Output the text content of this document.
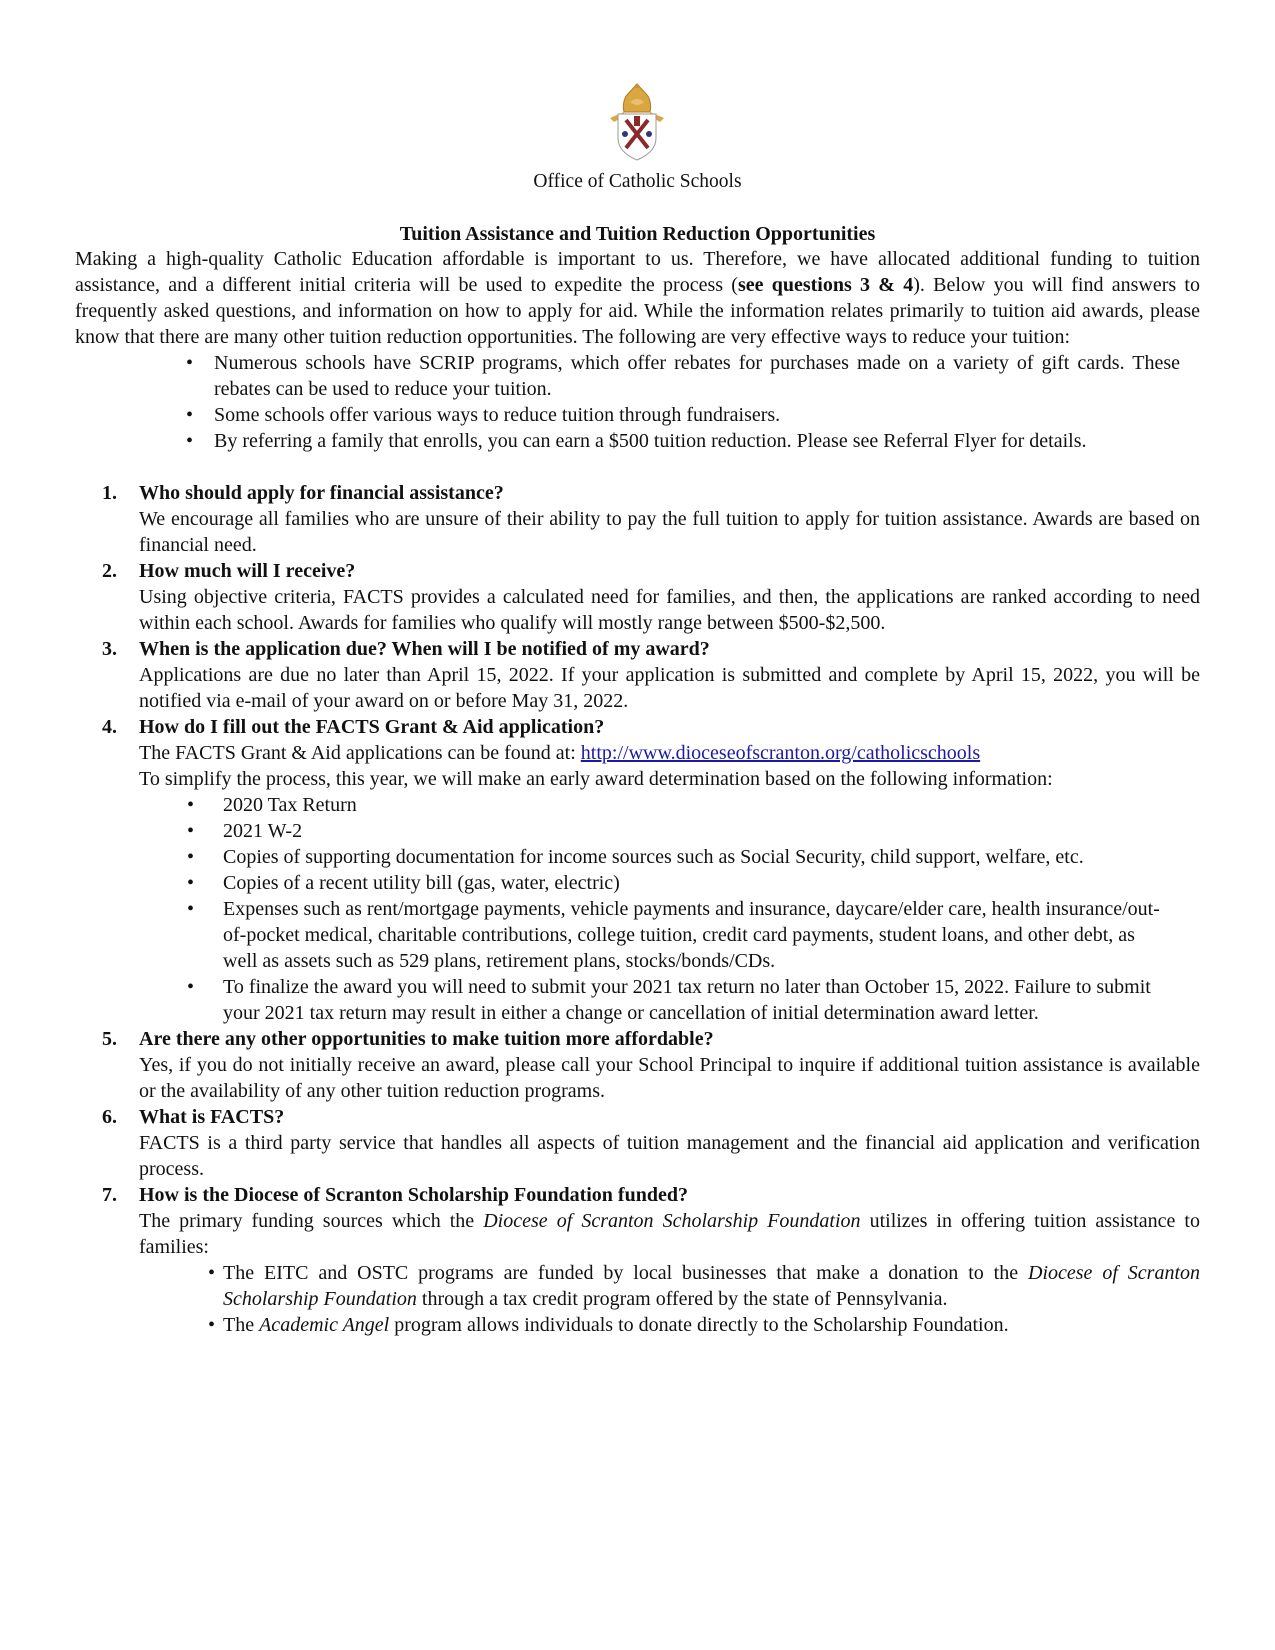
Office of Catholic Schools
Tuition Assistance and Tuition Reduction Opportunities

Making a high-quality Catholic Education affordable is important to us. Therefore, we have allocated additional funding to tuition assistance, and a different initial criteria will be used to expedite the process (see questions 3 & 4). Below you will find answers to frequently asked questions, and information on how to apply for aid. While the information relates primarily to tuition aid awards, please know that there are many other tuition reduction opportunities. The following are very effective ways to reduce your tuition:

• Numerous schools have SCRIP programs, which offer rebates for purchases made on a variety of gift cards. These rebates can be used to reduce your tuition.
• Some schools offer various ways to reduce tuition through fundraisers.
• By referring a family that enrolls, you can earn a $500 tuition reduction. Please see Referral Flyer for details.
1. Who should apply for financial assistance?
We encourage all families who are unsure of their ability to pay the full tuition to apply for tuition assistance. Awards are based on financial need.
2. How much will I receive?
Using objective criteria, FACTS provides a calculated need for families, and then, the applications are ranked according to need within each school. Awards for families who qualify will mostly range between $500-$2,500.
3. When is the application due? When will I be notified of my award?
Applications are due no later than April 15, 2022. If your application is submitted and complete by April 15, 2022, you will be notified via e-mail of your award on or before May 31, 2022.
4. How do I fill out the FACTS Grant & Aid application?
The FACTS Grant & Aid applications can be found at: http://www.dioceseofscranton.org/catholicschools
To simplify the process, this year, we will make an early award determination based on the following information:
• 2020 Tax Return
• 2021 W-2
• Copies of supporting documentation for income sources such as Social Security, child support, welfare, etc.
• Copies of a recent utility bill (gas, water, electric)
• Expenses such as rent/mortgage payments, vehicle payments and insurance, daycare/elder care, health insurance/out-of-pocket medical, charitable contributions, college tuition, credit card payments, student loans, and other debt, as well as assets such as 529 plans, retirement plans, stocks/bonds/CDs.
• To finalize the award you will need to submit your 2021 tax return no later than October 15, 2022. Failure to submit your 2021 tax return may result in either a change or cancellation of initial determination award letter.
5. Are there any other opportunities to make tuition more affordable?
Yes, if you do not initially receive an award, please call your School Principal to inquire if additional tuition assistance is available or the availability of any other tuition reduction programs.
6. What is FACTS?
FACTS is a third party service that handles all aspects of tuition management and the financial aid application and verification process.
7. How is the Diocese of Scranton Scholarship Foundation funded?
The primary funding sources which the Diocese of Scranton Scholarship Foundation utilizes in offering tuition assistance to families:
• The EITC and OSTC programs are funded by local businesses that make a donation to the Diocese of Scranton Scholarship Foundation through a tax credit program offered by the state of Pennsylvania.
• The Academic Angel program allows individuals to donate directly to the Scholarship Foundation.
